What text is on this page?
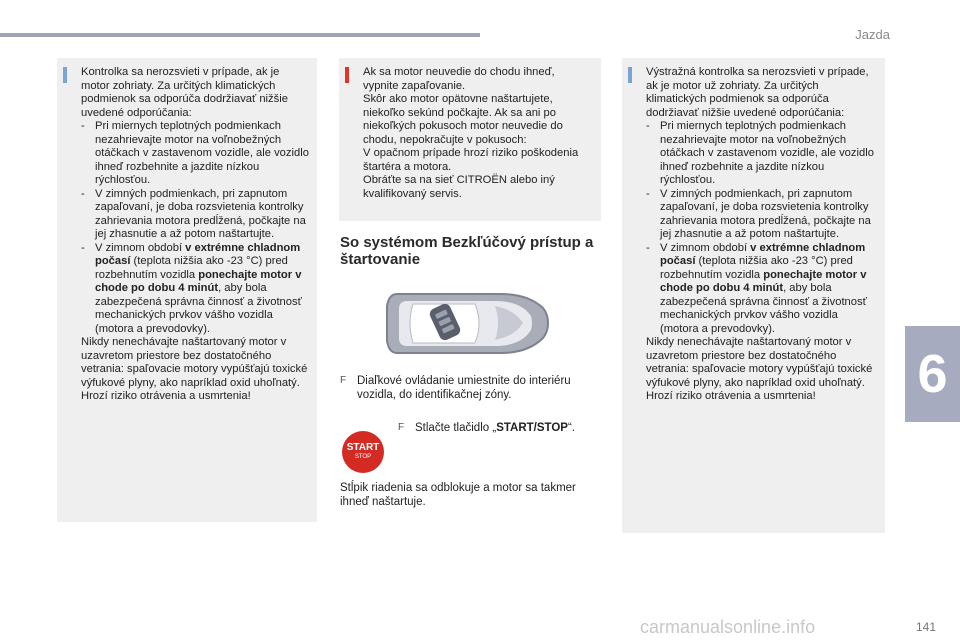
Jazda
6

Kontrolka sa nerozsvieti v prípade, ak je motor zohriaty. Za určitých klimatických podmienok sa odporúča dodržiavať nižšie uvedené odporúčania:

- Pri miernych teplotných podmienkach nezahrievajte motor na voľnobežných otáčkach v zastavenom vozidle, ale vozidlo ihneď rozbehnite a jazdite nízkou rýchlosťou.
- V zimných podmienkach, pri zapnutom zapaľovaní, je doba rozsvietenia kontrolky zahrievania motora predĺžená, počkajte na jej zhasnutie a až potom naštartujte.
- V zimnom období v extrémne chladnom počasí (teplota nižšia ako -23 °C) pred rozbehnutím vozidla ponechajte motor v chode po dobu 4 minút, aby bola zabezpečená správna činnosť a životnosť mechanických prvkov vášho vozidla (motora a prevodovky).

Nikdy nenechávajte naštartovaný motor v uzavretom priestore bez dostatočného vetrania: spaľovacie motory vypúšťajú toxické výfukové plyny, ako napríklad oxid uhoľnatý. Hrozí riziko otrávenia a usmrtenia!

Ak sa motor neuvedie do chodu ihneď, vypnite zapaľovanie.

Skôr ako motor opätovne naštartujete, niekoľko sekúnd počkajte. Ak sa ani po niekoľkých pokusoch motor neuvedie do chodu, nepokračujte v pokusoch:

V opačnom prípade hrozí riziko poškodenia štartéra a motora.

Obráťte sa na sieť CITROËN alebo iný kvalifikovaný servis.

So systémom Bezkľúčový prístup a štartovanie
F Diaľkové ovládanie umiestnite do interiéru vozidla, do identifikačnej zóny.
START
STOP
F Stlačte tlačidlo „START/STOP“.
Stĺpik riadenia sa odblokuje a motor sa takmer ihneď naštartuje.

Výstražná kontrolka sa nerozsvieti v prípade, ak je motor už zohriaty. Za určitých klimatických podmienok sa odporúča dodržiavať nižšie uvedené odporúčania:

- Pri miernych teplotných podmienkach nezahrievajte motor na voľnobežných otáčkach v zastavenom vozidle, ale vozidlo ihneď rozbehnite a jazdite nízkou rýchlosťou.
- V zimných podmienkach, pri zapnutom zapaľovaní, je doba rozsvietenia kontrolky zahrievania motora predĺžená, počkajte na jej zhasnutie a až potom naštartujte.
- V zimnom období v extrémne chladnom počasí (teplota nižšia ako -23 °C) pred rozbehnutím vozidla ponechajte motor v chode po dobu 4 minút, aby bola zabezpečená správna činnosť a životnosť mechanických prvkov vášho vozidla (motora a prevodovky).

Nikdy nenechávajte naštartovaný motor v uzavretom priestore bez dostatočného vetrania: spaľovacie motory vypúšťajú toxické výfukové plyny, ako napríklad oxid uhoľnatý. Hrozí riziko otrávenia a usmrtenia!

carmanualsonline.info	141
